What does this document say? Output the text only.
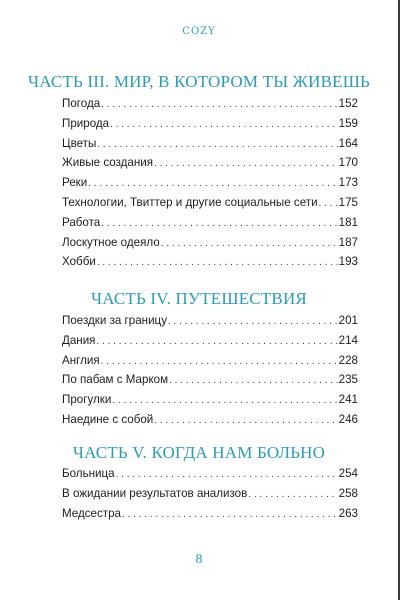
COZY
ЧАСТЬ III. МИР, В КОТОРОМ ТЫ ЖИВЕШЬ
Погода . . .	152
Природа . . .	159
Цветы . . .	164
Живые создания . . .	170
Реки . . .	173
Технологии, Твиттер и другие социальные сети . . . 175
Работа . . .	181
Лоскутное одеяло . . .	187
Хобби . . .	193
ЧАСТЬ IV. ПУТЕШЕСТВИЯ
Поездки за границу . . .	201
Дания . . .	214
Англия . . .	228
По пабам с Марком . . .	235
Прогулки . . .	241
Наедине с собой . . .	246
ЧАСТЬ V. КОГДА НАМ БОЛЬНО
Больница . . .	254
В ожидании результатов анализов . . .	258
Медсестра . . .	263
8
